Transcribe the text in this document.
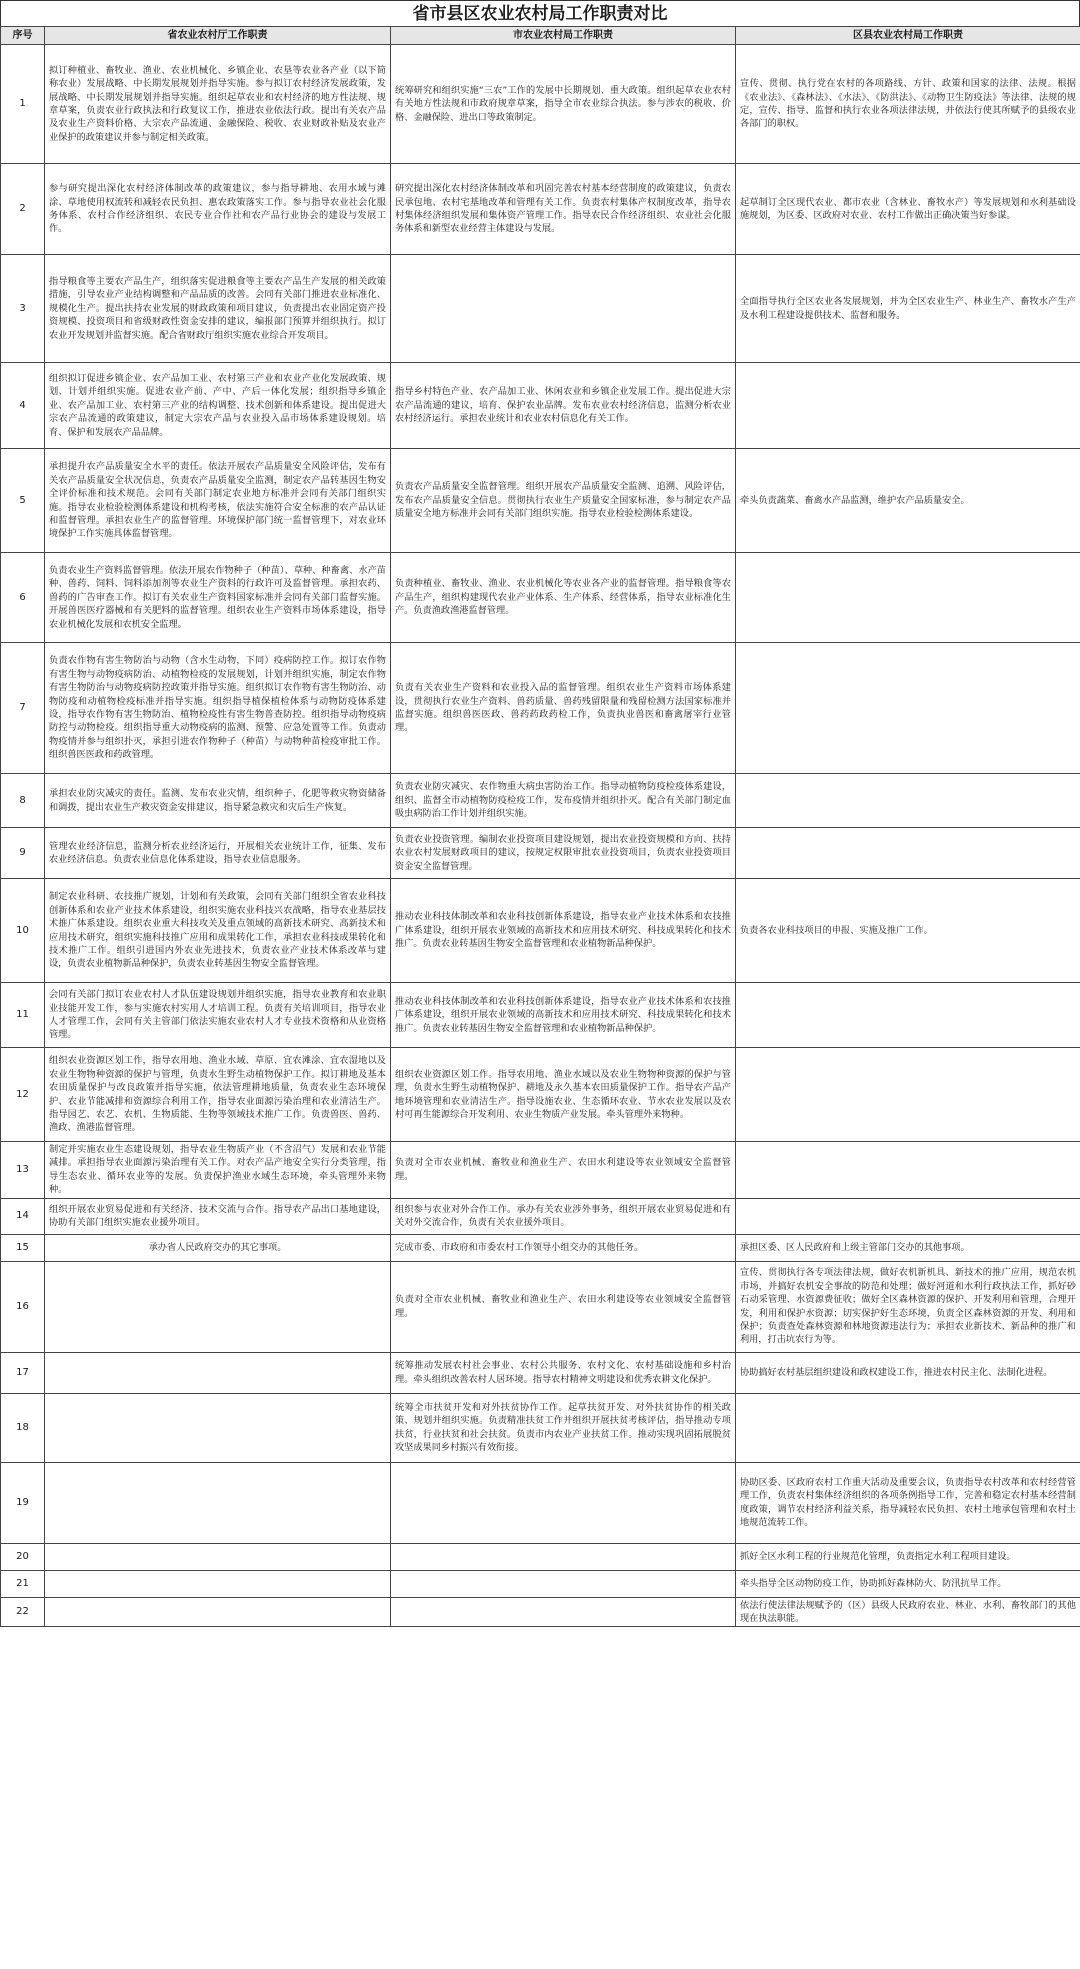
省市县区农业农村局工作职责对比
序号	省农业农村厅工作职责	市农业农村局工作职责	区县农业农村局工作职责
1	拟订种植业、畜牧业、渔业、农业机械化、乡镇企业、农垦等农业各产业（以下简称农业）发展战略、中长期发展规划并指导实施。参与拟订农村经济发展政策，发展战略、中长期发展规划并指导实施。组织起草农业和农村经济的地方性法规、规章草案，负责农业行政执法和行政复议工作，推进农业依法行政。提出有关农产品及农业生产资料价格、大宗农产品流通、金融保险、税收、农业财政补贴及农业产业保护的政策建议并参与制定相关政策。	统筹研究和组织实施“三农”工作的发展中长期规划、重大政策。组织起草农业农村有关地方性法规和市政府规章草案，指导全市农业综合执法。参与涉农的税收、价格、金融保险、进出口等政策制定。	宣传、贯彻、执行党在农村的各项路线、方针、政策和国家的法律、法规。根据《农业法》、《森林法》、《水法》、《防洪法》、《动物卫生防疫法》等法律、法规的规定，宣传、指导、监督和执行农业各项法律法规，并依法行使其所赋予的县级农业各部门的职权。
2	参与研究提出深化农村经济体制改革的政策建议，参与指导耕地、农用水域与滩涂、草地使用权流转和减轻农民负担、惠农政策落实工作。参与指导农业社会化服务体系、农村合作经济组织、农民专业合作社和农产品行业协会的建设与发展工作。	研究提出深化农村经济体制改革和巩固完善农村基本经营制度的政策建议，负责农民承包地、农村宅基地改革和管理有关工作。负责农村集体产权制度改革，指导农村集体经济组织发展和集体资产管理工作。指导农民合作经济组织、农业社会化服务体系和新型农业经营主体建设与发展。	起草制订全区现代农业、都市农业（含林业、畜牧水产）等发展规划和水利基础设施规划，为区委、区政府对农业、农村工作做出正确决策当好参谋。
3	指导粮食等主要农产品生产，组织落实促进粮食等主要农产品生产发展的相关政策措施，引导农业产业结构调整和产品品质的改善。会同有关部门推进农业标准化、规模化生产。提出扶持农业发展的财政政策和项目建议，负责提出农业固定资产投资规模、投资项目和省级财政性资金安排的建议，编报部门预算并组织执行。拟订农业开发规划并监督实施。配合省财政厅组织实施农业综合开发项目。		全面指导执行全区农业各发展规划，并为全区农业生产、林业生产、畜牧水产生产及水利工程建设提供技术、监督和服务。
4	组织拟订促进乡镇企业、农产品加工业、农村第三产业和农业产业化发展政策、规划、计划并组织实施。促进农业产前、产中、产后一体化发展；组织指导乡镇企业、农产品加工业、农村第三产业的结构调整、技术创新和体系建设。提出促进大宗农产品流通的政策建议，制定大宗农产品与农业投入品市场体系建设规划。培育、保护和发展农产品品牌。	指导乡村特色产业、农产品加工业、休闲农业和乡镇企业发展工作。提出促进大宗农产品流通的建议，培育、保护农业品牌。发布农业农村经济信息，监测分析农业农村经济运行。承担农业统计和农业农村信息化有关工作。	
5	承担提升农产品质量安全水平的责任。依法开展农产品质量安全风险评估，发布有关农产品质量安全状况信息，负责农产品质量安全监测，制定农产品转基因生物安全评价标准和技术规范。会同有关部门制定农业地方标准并会同有关部门组织实施。指导农业检验检测体系建设和机构考核，依法实施符合安全标准的农产品认证和监督管理。承担农业生产的监督管理。环境保护部门统一监督管理下，对农业环境保护工作实施具体监督管理。	负责农产品质量安全监督管理。组织开展农产品质量安全监测、追溯、风险评估，发布农产品质量安全信息。贯彻执行农业生产质量安全国家标准，参与制定农产品质量安全地方标准并会同有关部门组织实施。指导农业检验检测体系建设。	牵头负责蔬菜、畜禽水产品监测，维护农产品质量安全。
6	负责农业生产资料监督管理。依法开展农作物种子（种苗）、草种、种畜禽、水产苗种、兽药、饲料、饲料添加剂等农业生产资料的行政许可及监督管理。承担农药、兽药的广告审查工作。拟订有关农业生产资料国家标准并会同有关部门监督实施。开展兽医医疗器械和有关肥料的监督管理。组织农业生产资料市场体系建设，指导农业机械化发展和农机安全监理。	负责种植业、畜牧业、渔业、农业机械化等农业各产业的监督管理。指导粮食等农产品生产，组织构建现代农业产业体系、生产体系、经营体系，指导农业标准化生产。负责渔政渔港监督管理。	
7	负责农作物有害生物防治与动物（含水生动物，下同）疫病防控工作。拟订农作物有害生物与动物疫病防治、动植物检疫的发展规划，计划并组织实施，制定农作物有害生物防治与动物疫病防控政策并指导实施。组织拟订农作物有害生物防治、动物防疫和动植物检疫标准并指导实施。组织指导植保植检体系与动物防疫体系建设，指导农作物有害生物防治、植物检疫性有害生物普查防控。组织指导动物疫病防控与动物检疫。组织指导重大动物疫病的监测、预警、应急处置等工作。负责动物疫情并参与组织扑灭，承担引进农作物种子（种苗）与动物种苗检疫审批工作。组织兽医医政和药政管理。	负责有关农业生产资料和农业投入品的监督管理。组织农业生产资料市场体系建设，贯彻执行农业生产资料、兽药质量、兽药残留限量和残留检测方法国家标准并监督实施。组织兽医医政、兽药药政药检工作，负责执业兽医和畜禽屠宰行业管理。	
8	承担农业防灾减灾的责任。监测、发布农业灾情，组织种子、化肥等救灾物资储备和调拨，提出农业生产救灾资金安排建议，指导紧急救灾和灾后生产恢复。	负责农业防灾减灾、农作物重大病虫害防治工作。指导动植物防疫检疫体系建设，组织、监督全市动植物防疫检疫工作，发布疫情并组织扑灭。配合有关部门制定血吸虫病防治工作计划并组织实施。	
9	管理农业经济信息，监测分析农业经济运行，开展相关农业统计工作，征集、发布农业经济信息。负责农业信息化体系建设，指导农业信息服务。	负责农业投资管理。编制农业投资项目建设规划，提出农业投资规模和方向、扶持农业农村发展财政项目的建议，按规定权限审批农业投资项目，负责农业投资项目资金安全监督管理。	
10	制定农业科研、农技推广规划，计划和有关政策，会同有关部门组织全省农业科技创新体系和农业产业技术体系建设，组织实施农业科技兴农战略，指导农业基层技术推广体系建设。组织农业重大科技攻关及重点领域的高新技术研究、高新技术和应用技术研究，组织实施科技推广应用和成果转化工作，承担农业科技成果转化和技术推广工作。组织引进国内外农业先进技术，负责农业产业技术体系改革与建设，负责农业植物新品种保护，负责农业转基因生物安全监督管理。	推动农业科技体制改革和农业科技创新体系建设，指导农业产业技术体系和农技推广体系建设，组织开展农业领域的高新技术和应用技术研究、科技成果转化和技术推广。负责农业转基因生物安全监督管理和农业植物新品种保护。	负责各农业科技项目的申报、实施及推广工作。
11	会同有关部门拟订农业农村人才队伍建设规划并组织实施，指导农业教育和农业职业技能开发工作，参与实施农村实用人才培训工程。负责有关培训项目，指导农业人才管理工作，会同有关主管部门依法实施农业农村人才专业技术资格和从业资格管理。	推动农业科技体制改革和农业科技创新体系建设，指导农业产业技术体系和农技推广体系建设，组织开展农业领域的高新技术和应用技术研究、科技成果转化和技术推广。负责农业转基因生物安全监督管理和农业植物新品种保护。	
12	组织农业资源区划工作，指导农用地、渔业水域、草原、宜农滩涂、宜农湿地以及农业生物物种资源的保护与管理，负责水生野生动植物保护工作。拟订耕地及基本农田质量保护与改良政策并指导实施，依法管理耕地质量，负责农业生态环境保护、农业节能减排和资源综合利用工作，指导农业面源污染治理和农业清洁生产。指导园艺、农艺、农机、生物质能、生物等领域技术推广工作。负责兽医、兽药、渔政、渔港监督管理。	组织农业资源区划工作。指导农用地、渔业水域以及农业生物物种资源的保护与管理，负责水生野生动植物保护、耕地及永久基本农田质量保护工作。指导农产品产地环境管理和农业清洁生产。指导设施农业、生态循环农业、节水农业发展以及农村可再生能源综合开发利用、农业生物质产业发展。牵头管理外来物种。	
13	制定并实施农业生态建设规划，指导农业生物质产业（不含沼气）发展和农业节能减排。承担指导农业面源污染治理有关工作。对农产品产地安全实行分类管理，指导生态农业、循环农业等的发展。负责保护渔业水域生态环境，牵头管理外来物种。	负责对全市农业机械、畜牧业和渔业生产、农田水利建设等农业领域安全监督管理。	
14	组织开展农业贸易促进和有关经济、技术交流与合作。指导农产品出口基地建设，协助有关部门组织实施农业援外项目。	组织参与农业对外合作工作。承办有关农业涉外事务，组织开展农业贸易促进和有关对外交流合作，负责有关农业援外项目。	
15	承办省人民政府交办的其它事项。	完成市委、市政府和市委农村工作领导小组交办的其他任务。	承担区委、区人民政府和上级主管部门交办的其他事项。
16		负责对全市农业机械、畜牧业和渔业生产、农田水利建设等农业领域安全监督管理。	宣传、贯彻执行各专项法律法规，做好农机新机具、新技术的推广应用，规范农机市场，并搞好农机安全事故的防范和处理；做好河道和水利行政执法工作，抓好砂石动采管理、水资源费征收；做好全区森林资源的保护、开发利用和管理，合理开发，利用和保护水资源；切实保护好生态环境，负责全区森林资源的开发、利用和保护；负责查处森林资源和林地资源违法行为；承担农业新技术、新品种的推广和利用，打击坑农行为等。
17		统筹推动发展农村社会事业、农村公共服务、农村文化、农村基础设施和乡村治理。牵头组织改善农村人居环境。指导农村精神文明建设和优秀农耕文化保护。	协助搞好农村基层组织建设和政权建设工作，推进农村民主化、法制化进程。
18		统筹全市扶贫开发和对外扶贫协作工作。起草扶贫开发、对外扶贫协作的相关政策、规划并组织实施。负责精准扶贫工作并组织开展扶贫考核评估，指导推动专项扶贫，行业扶贫和社会扶贫。负责市内农业产业扶贫工作。推动实现巩固拓展脱贫攻坚成果同乡村振兴有效衔接。	
19			协助区委、区政府农村工作重大活动及重要会议，负责指导农村改革和农村经营管理工作，负责农村集体经济组织的各项条例指导工作，完善和稳定农村基本经营制度政策，调节农村经济利益关系，指导减轻农民负担、农村土地承包管理和农村土地规范流转工作。
20			抓好全区水利工程的行业规范化管理，负责指定水利工程项目建设。
21			牵头指导全区动物防疫工作，协助抓好森林防火、防汛抗旱工作。
22			依法行使法律法规赋予的（区）县级人民政府农业、林业、水利、畜牧部门的其他现在执法职能。
